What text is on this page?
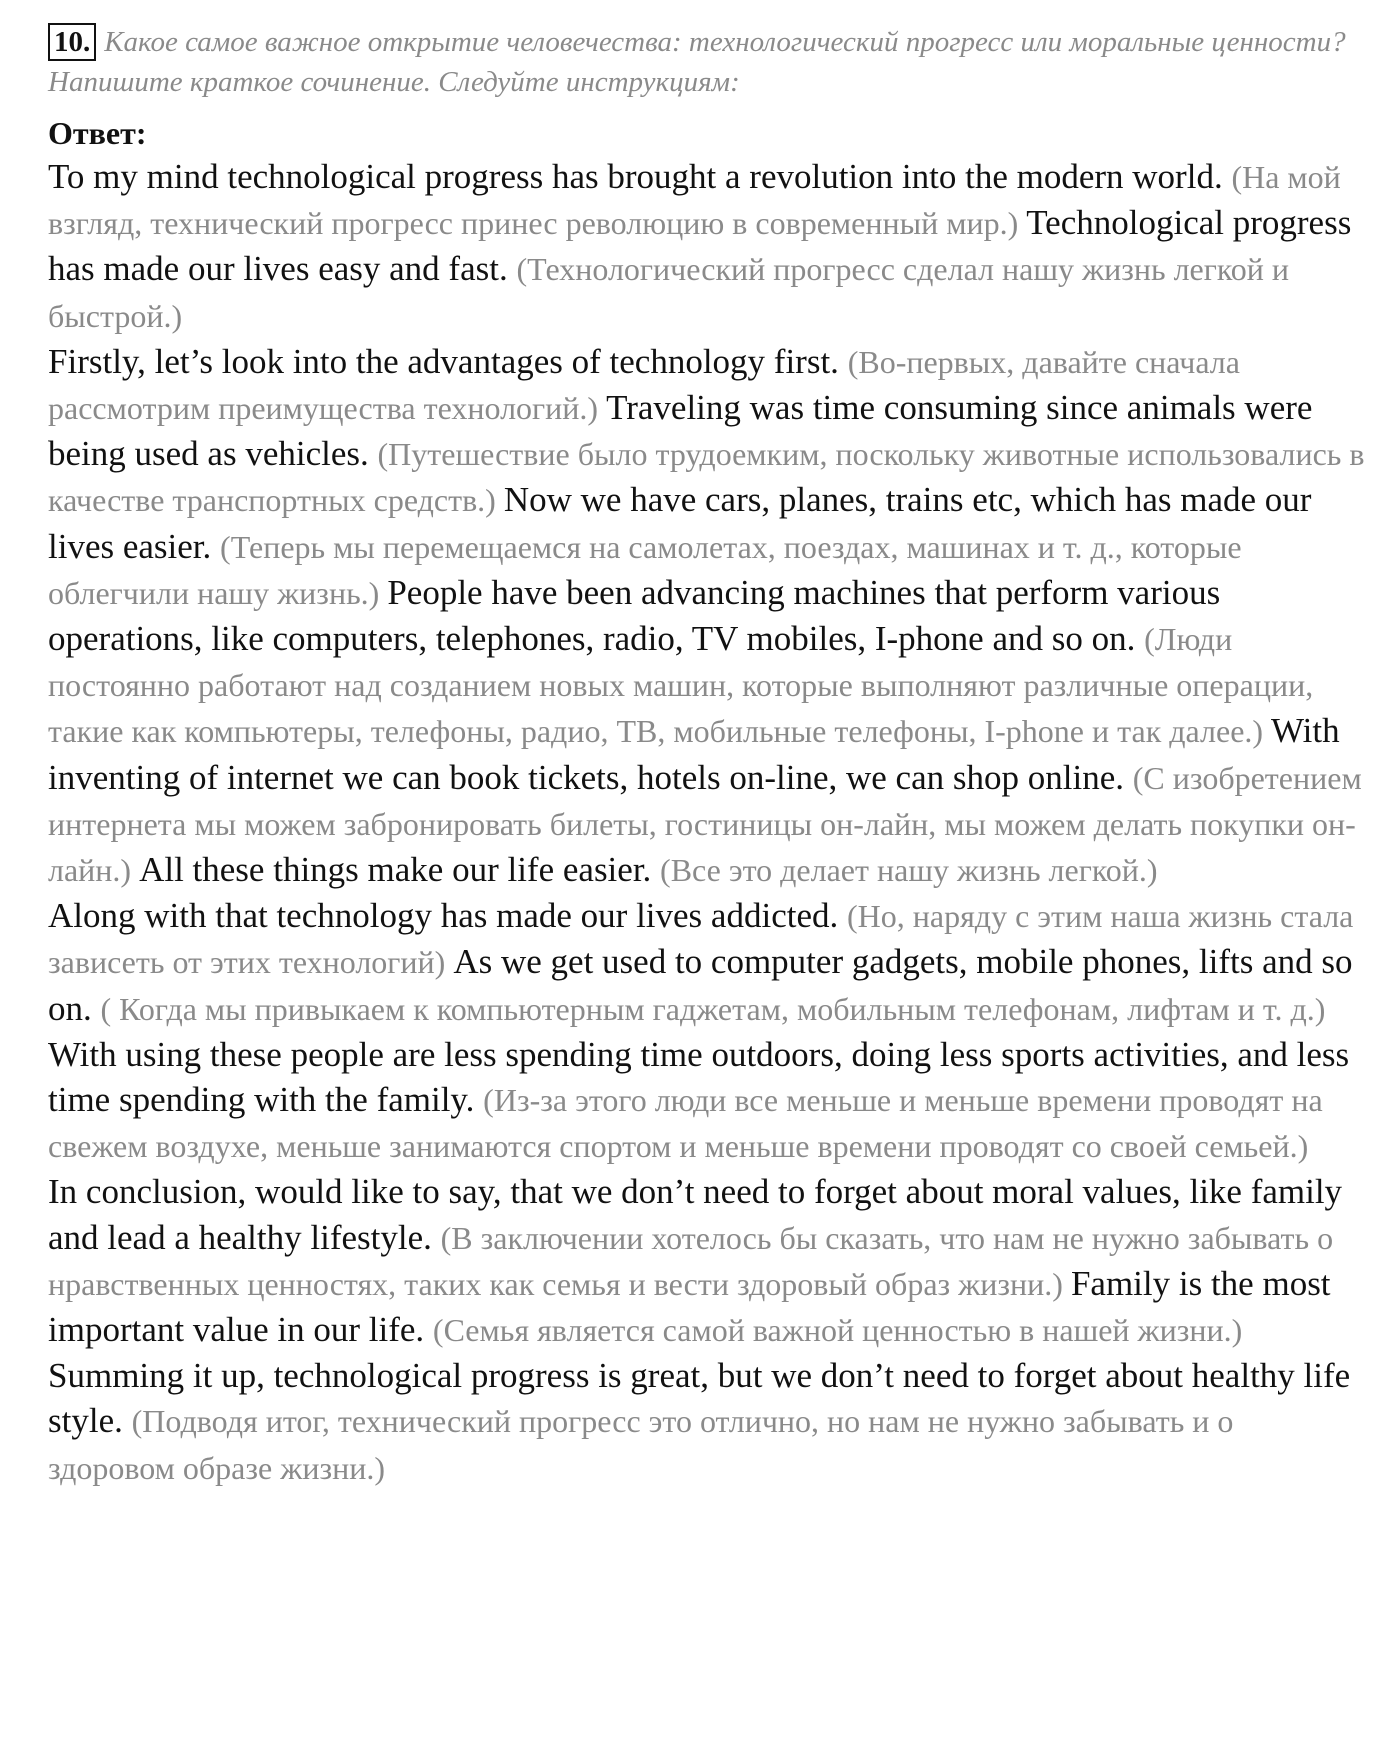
10. Какое самое важное открытие человечества: технологический прогресс или моральные ценности? Напишите краткое сочинение. Следуйте инструкциям:
Ответ:

To my mind technological progress has brought a revolution into the modern world. (На мой взгляд, технический прогресс принес революцию в современный мир.) Technological progress has made our lives easy and fast. (Технологический прогресс сделал нашу жизнь легкой и быстрой.)

Firstly, let’s look into the advantages of technology first. (Во-первых, давайте сначала рассмотрим преимущества технологий.) Traveling was time consuming since animals were being used as vehicles. (Путешествие было трудоемким, поскольку животные использовались в качестве транспортных средств.) Now we have cars, planes, trains etc, which has made our lives easier. (Теперь мы перемещаемся на самолетах, поездах, машинах и т. д., которые облегчили нашу жизнь.) People have been advancing machines that perform various operations, like computers, telephones, radio, TV mobiles, I-phone and so on. (Люди постоянно работают над созданием новых машин, которые выполняют различные операции, такие как компьютеры, телефоны, радио, ТВ, мобильные телефоны, I-phone и так далее.) With inventing of internet we can book tickets, hotels on-line, we can shop online. (С изобретением интернета мы можем забронировать билеты, гостиницы он-лайн, мы можем делать покупки он-лайн.) All these things make our life easier. (Все это делает нашу жизнь легкой.)

Along with that technology has made our lives addicted. (Но, наряду с этим наша жизнь стала зависеть от этих технологий) As we get used to computer gadgets, mobile phones, lifts and so on. ( Когда мы привыкаем к компьютерным гаджетам, мобильным телефонам, лифтам и т. д.) With using these people are less spending time outdoors, doing less sports activities, and less time spending with the family. (Из-за этого люди все меньше и меньше времени проводят на свежем воздухе, меньше занимаются спортом и меньше времени проводят со своей семьей.)

In conclusion, would like to say, that we don’t need to forget about moral values, like family and lead a healthy lifestyle. (В заключении хотелось бы сказать, что нам не нужно забывать о нравственных ценностях, таких как семья и вести здоровый образ жизни.) Family is the most important value in our life. (Семья является самой важной ценностью в нашей жизни.) Summing it up, technological progress is great, but we don’t need to forget about healthy life style. (Подводя итог, технический прогресс это отлично, но нам не нужно забывать и о здоровом образе жизни.)
